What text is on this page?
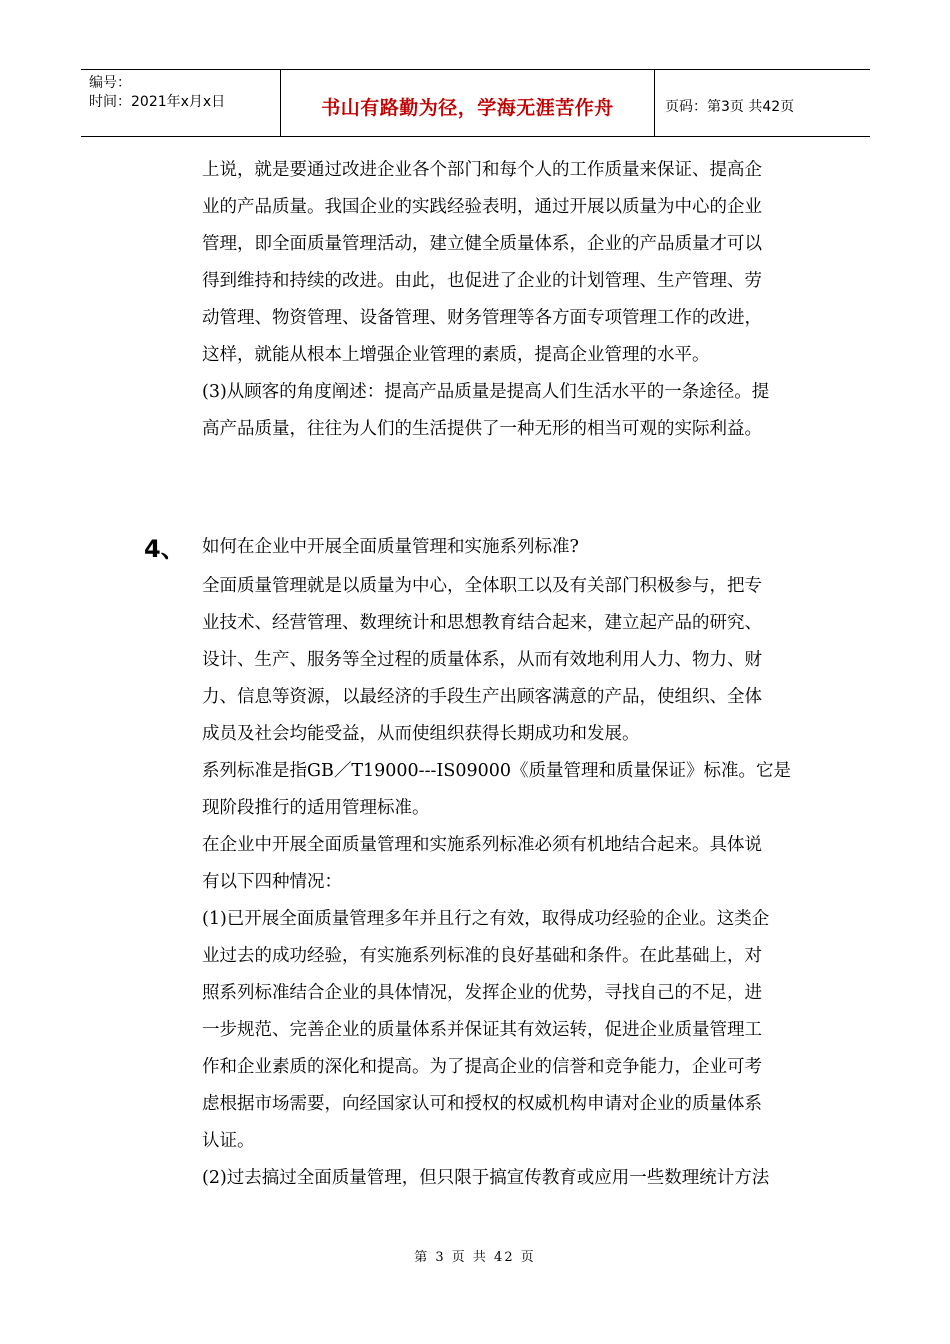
编号：
时间：2021年x月x日	书山有路勤为径，学海无涯苦作舟	页码：第3页 共42页

上说，就是要通过改进企业各个部门和每个人的工作质量来保证、提高企

业的产品质量。我国企业的实践经验表明，通过开展以质量为中心的企业

管理，即全面质量管理活动，建立健全质量体系，企业的产品质量才可以

得到维持和持续的改进。由此，也促进了企业的计划管理、生产管理、劳

动管理、物资管理、设备管理、财务管理等各方面专项管理工作的改进，

这样，就能从根本上增强企业管理的素质，提高企业管理的水平。

(3)从顾客的角度阐述：提高产品质量是提高人们生活水平的一条途径。提

高产品质量，往往为人们的生活提供了一种无形的相当可观的实际利益。

4、 如何在企业中开展全面质量管理和实施系列标准?

全面质量管理就是以质量为中心，全体职工以及有关部门积极参与，把专

业技术、经营管理、数理统计和思想教育结合起来，建立起产品的研究、

设计、生产、服务等全过程的质量体系，从而有效地利用人力、物力、财

力、信息等资源，以最经济的手段生产出顾客满意的产品，使组织、全体

成员及社会均能受益，从而使组织获得长期成功和发展。

系列标准是指GB／T19000---IS09000《质量管理和质量保证》标准。它是

现阶段推行的适用管理标准。

在企业中开展全面质量管理和实施系列标准必须有机地结合起来。具体说

有以下四种情况：

(1)已开展全面质量管理多年并且行之有效，取得成功经验的企业。这类企

业过去的成功经验，有实施系列标准的良好基础和条件。在此基础上，对

照系列标准结合企业的具体情况，发挥企业的优势，寻找自己的不足，进

一步规范、完善企业的质量体系并保证其有效运转，促进企业质量管理工

作和企业素质的深化和提高。为了提高企业的信誉和竞争能力，企业可考

虑根据市场需要，向经国家认可和授权的权威机构申请对企业的质量体系

认证。

(2)过去搞过全面质量管理，但只限于搞宣传教育或应用一些数理统计方法

第 3 页 共 42 页
